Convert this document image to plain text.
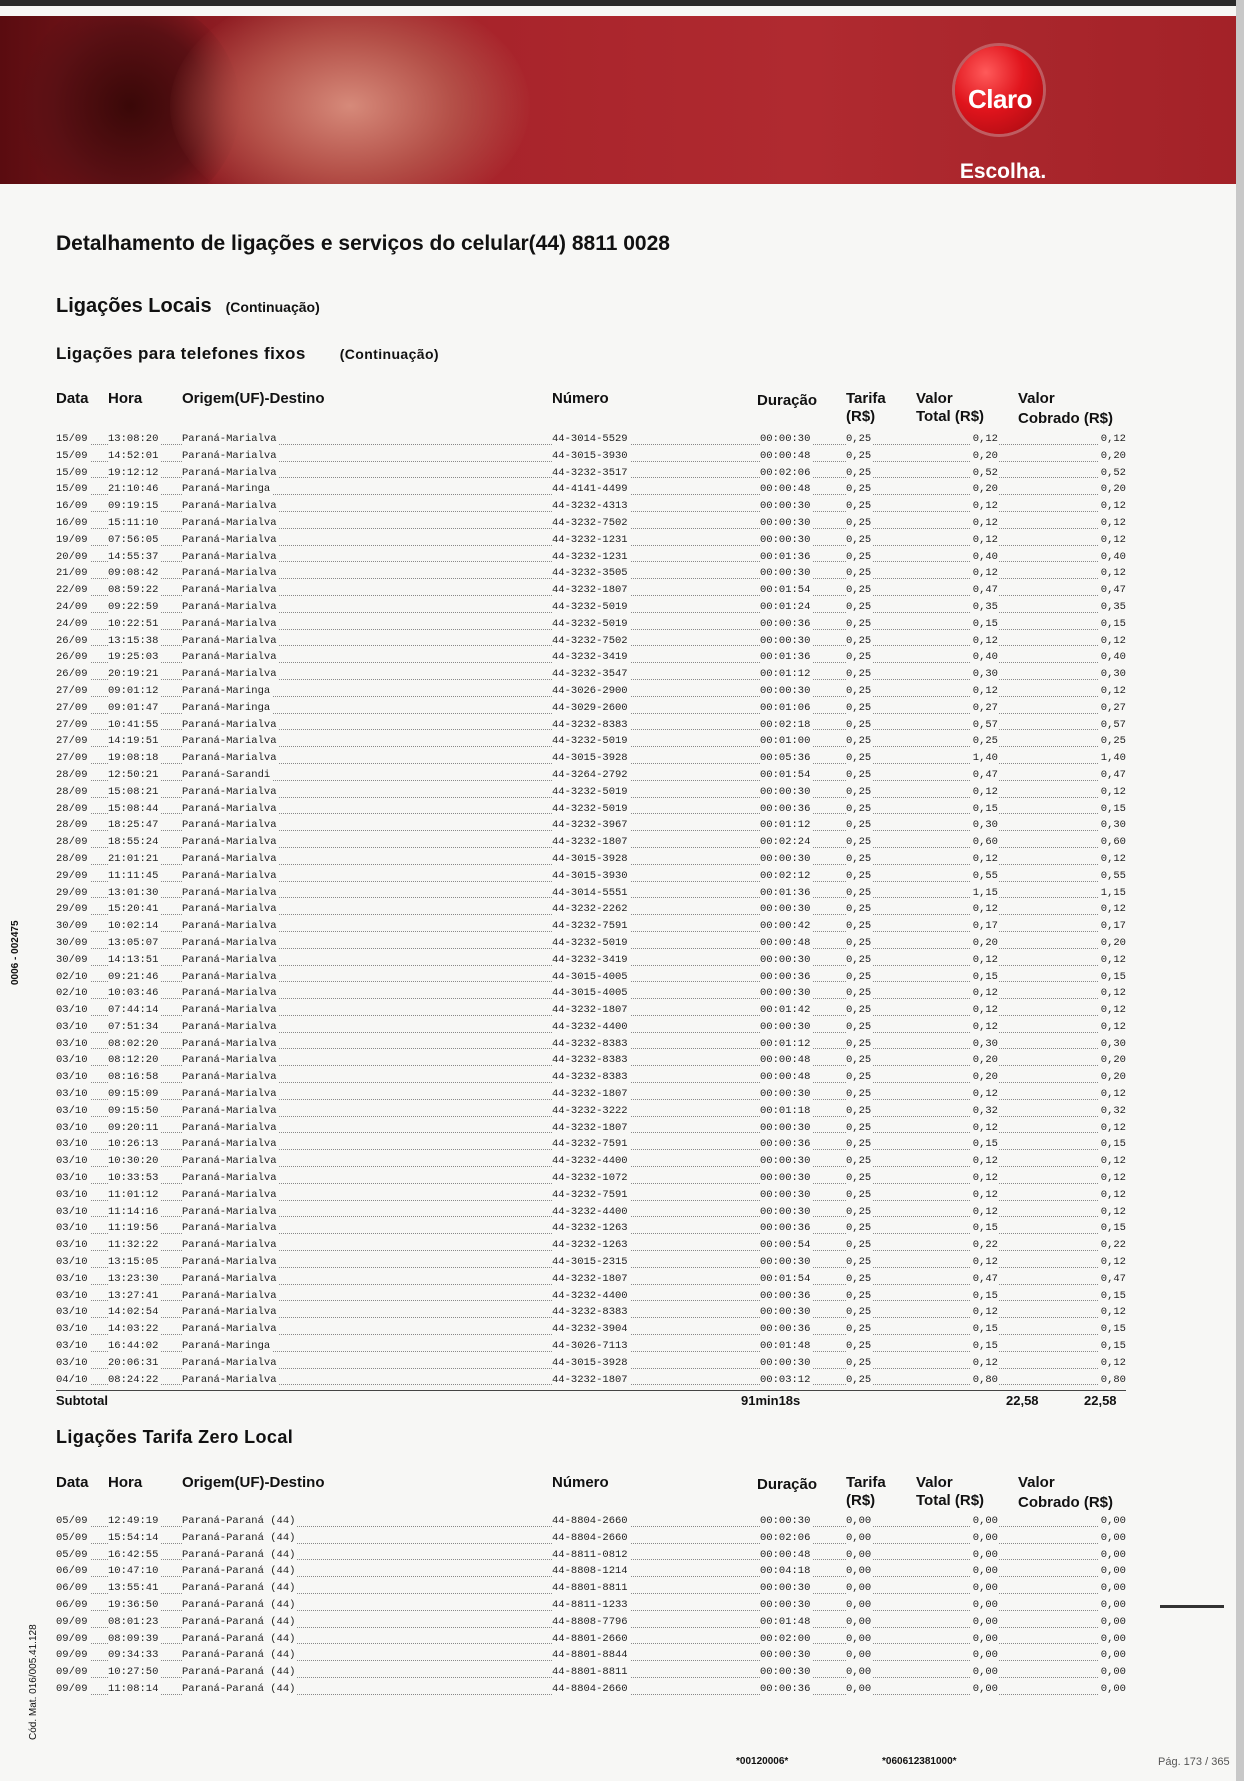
Claro
Escolha.
Detalhamento de ligações e serviços do celular(44) 8811 0028
Ligações Locais (Continuação)
Ligações para telefones fixos (Continuação)
Data Hora	Origem(UF)-Destino	Número	Duração Tarifa
(R$)
Valor
Total (R$)
Valor
Cobrado (R$)
15/09 13:08:20 Paraná-Marialva	44-3014-5529	00:00:30	0,25	0,12	0,12
15/09 14:52:01 Paraná-Marialva	44-3015-3930	00:00:48	0,25	0,20	0,20
15/09 19:12:12 Paraná-Marialva	44-3232-3517	00:02:06	0,25	0,52	0,52
15/09 21:10:46 Paraná-Maringa	44-4141-4499	00:00:48	0,25	0,20	0,20
16/09 09:19:15 Paraná-Marialva	44-3232-4313	00:00:30	0,25	0,12	0,12
16/09 15:11:10 Paraná-Marialva	44-3232-7502	00:00:30	0,25	0,12	0,12
19/09 07:56:05 Paraná-Marialva	44-3232-1231	00:00:30	0,25	0,12	0,12
20/09 14:55:37 Paraná-Marialva	44-3232-1231	00:01:36	0,25	0,40	0,40
21/09 09:08:42 Paraná-Marialva	44-3232-3505	00:00:30	0,25	0,12	0,12
22/09 08:59:22 Paraná-Marialva	44-3232-1807	00:01:54	0,25	0,47	0,47
24/09 09:22:59 Paraná-Marialva	44-3232-5019	00:01:24	0,25	0,35	0,35
24/09 10:22:51 Paraná-Marialva	44-3232-5019	00:00:36	0,25	0,15	0,15
26/09 13:15:38 Paraná-Marialva	44-3232-7502	00:00:30	0,25	0,12	0,12
26/09 19:25:03 Paraná-Marialva	44-3232-3419	00:01:36	0,25	0,40	0,40
26/09 20:19:21 Paraná-Marialva	44-3232-3547	00:01:12	0,25	0,30	0,30
27/09 09:01:12 Paraná-Maringa	44-3026-2900	00:00:30	0,25	0,12	0,12
27/09 09:01:47 Paraná-Maringa	44-3029-2600	00:01:06	0,25	0,27	0,27
27/09 10:41:55 Paraná-Marialva	44-3232-8383	00:02:18	0,25	0,57	0,57
27/09 14:19:51 Paraná-Marialva	44-3232-5019	00:01:00	0,25	0,25	0,25
27/09 19:08:18 Paraná-Marialva	44-3015-3928	00:05:36	0,25	1,40	1,40
28/09 12:50:21 Paraná-Sarandi	44-3264-2792	00:01:54	0,25	0,47	0,47
28/09 15:08:21 Paraná-Marialva	44-3232-5019	00:00:30	0,25	0,12	0,12
28/09 15:08:44 Paraná-Marialva	44-3232-5019	00:00:36	0,25	0,15	0,15
28/09 18:25:47 Paraná-Marialva	44-3232-3967	00:01:12	0,25	0,30	0,30
28/09 18:55:24 Paraná-Marialva	44-3232-1807	00:02:24	0,25	0,60	0,60
28/09 21:01:21 Paraná-Marialva	44-3015-3928	00:00:30	0,25	0,12	0,12
29/09 11:11:45 Paraná-Marialva	44-3015-3930	00:02:12	0,25	0,55	0,55
29/09 13:01:30 Paraná-Marialva	44-3014-5551	00:01:36	0,25	1,15	1,15
29/09 15:20:41 Paraná-Marialva	44-3232-2262	00:00:30	0,25	0,12	0,12
30/09 10:02:14 Paraná-Marialva	44-3232-7591	00:00:42	0,25	0,17	0,17
30/09 13:05:07 Paraná-Marialva	44-3232-5019	00:00:48	0,25	0,20	0,20
30/09 14:13:51 Paraná-Marialva	44-3232-3419	00:00:30	0,25	0,12	0,12
02/10 09:21:46 Paraná-Marialva	44-3015-4005	00:00:36	0,25	0,15	0,15
02/10 10:03:46 Paraná-Marialva	44-3015-4005	00:00:30	0,25	0,12	0,12
03/10 07:44:14 Paraná-Marialva	44-3232-1807	00:01:42	0,25	0,12	0,12
03/10 07:51:34 Paraná-Marialva	44-3232-4400	00:00:30	0,25	0,12	0,12
03/10 08:02:20 Paraná-Marialva	44-3232-8383	00:01:12	0,25	0,30	0,30
03/10 08:12:20 Paraná-Marialva	44-3232-8383	00:00:48	0,25	0,20	0,20
03/10 08:16:58 Paraná-Marialva	44-3232-8383	00:00:48	0,25	0,20	0,20
03/10 09:15:09 Paraná-Marialva	44-3232-1807	00:00:30	0,25	0,12	0,12
03/10 09:15:50 Paraná-Marialva	44-3232-3222	00:01:18	0,25	0,32	0,32
03/10 09:20:11 Paraná-Marialva	44-3232-1807	00:00:30	0,25	0,12	0,12
03/10 10:26:13 Paraná-Marialva	44-3232-7591	00:00:36	0,25	0,15	0,15
03/10 10:30:20 Paraná-Marialva	44-3232-4400	00:00:30	0,25	0,12	0,12
03/10 10:33:53 Paraná-Marialva	44-3232-1072	00:00:30	0,25	0,12	0,12
03/10 11:01:12 Paraná-Marialva	44-3232-7591	00:00:30	0,25	0,12	0,12
03/10 11:14:16 Paraná-Marialva	44-3232-4400	00:00:30	0,25	0,12	0,12
03/10 11:19:56 Paraná-Marialva	44-3232-1263	00:00:36	0,25	0,15	0,15
03/10 11:32:22 Paraná-Marialva	44-3232-1263	00:00:54	0,25	0,22	0,22
03/10 13:15:05 Paraná-Marialva	44-3015-2315	00:00:30	0,25	0,12	0,12
03/10 13:23:30 Paraná-Marialva	44-3232-1807	00:01:54	0,25	0,47	0,47
03/10 13:27:41 Paraná-Marialva	44-3232-4400	00:00:36	0,25	0,15	0,15
03/10 14:02:54 Paraná-Marialva	44-3232-8383	00:00:30	0,25	0,12	0,12
03/10 14:03:22 Paraná-Marialva	44-3232-3904	00:00:36	0,25	0,15	0,15
03/10 16:44:02 Paraná-Maringa	44-3026-7113	00:01:48	0,25	0,15	0,15
03/10 20:06:31 Paraná-Marialva	44-3015-3928	00:00:30	0,25	0,12	0,12
04/10 08:24:22 Paraná-Marialva	44-3232-1807	00:03:12	0,25	0,80	0,80
Subtotal	91min18s	22,58	22,58
Ligações Tarifa Zero Local
Data Hora	Origem(UF)-Destino	Número	Duração Tarifa
(R$)
Valor
Total (R$)
Valor
Cobrado (R$)
05/09 12:49:19 Paraná-Paraná (44)	44-8804-2660	00:00:30	0,00	0,00	0,00
05/09 15:54:14 Paraná-Paraná (44)	44-8804-2660	00:02:06	0,00	0,00	0,00
05/09 16:42:55 Paraná-Paraná (44)	44-8811-0812	00:00:48	0,00	0,00	0,00
06/09 10:47:10 Paraná-Paraná (44)	44-8808-1214	00:04:18	0,00	0,00	0,00
06/09 13:55:41 Paraná-Paraná (44)	44-8801-8811	00:00:30	0,00	0,00	0,00
06/09 19:36:50 Paraná-Paraná (44)	44-8811-1233	00:00:30	0,00	0,00	0,00
09/09 08:01:23 Paraná-Paraná (44)	44-8808-7796	00:01:48	0,00	0,00	0,00
09/09 08:09:39 Paraná-Paraná (44)	44-8801-2660	00:02:00	0,00	0,00	0,00
09/09 09:34:33 Paraná-Paraná (44)	44-8801-8844	00:00:30	0,00	0,00	0,00
09/09 10:27:50 Paraná-Paraná (44)	44-8801-8811	00:00:30	0,00	0,00	0,00
09/09 11:08:14 Paraná-Paraná (44)	44-8804-2660	00:00:36	0,00	0,00	0,00
0006 - 002475
Cód. Mat. 016/005.41.128
*00120006*	*060612381000*	Pág. 173 / 365
